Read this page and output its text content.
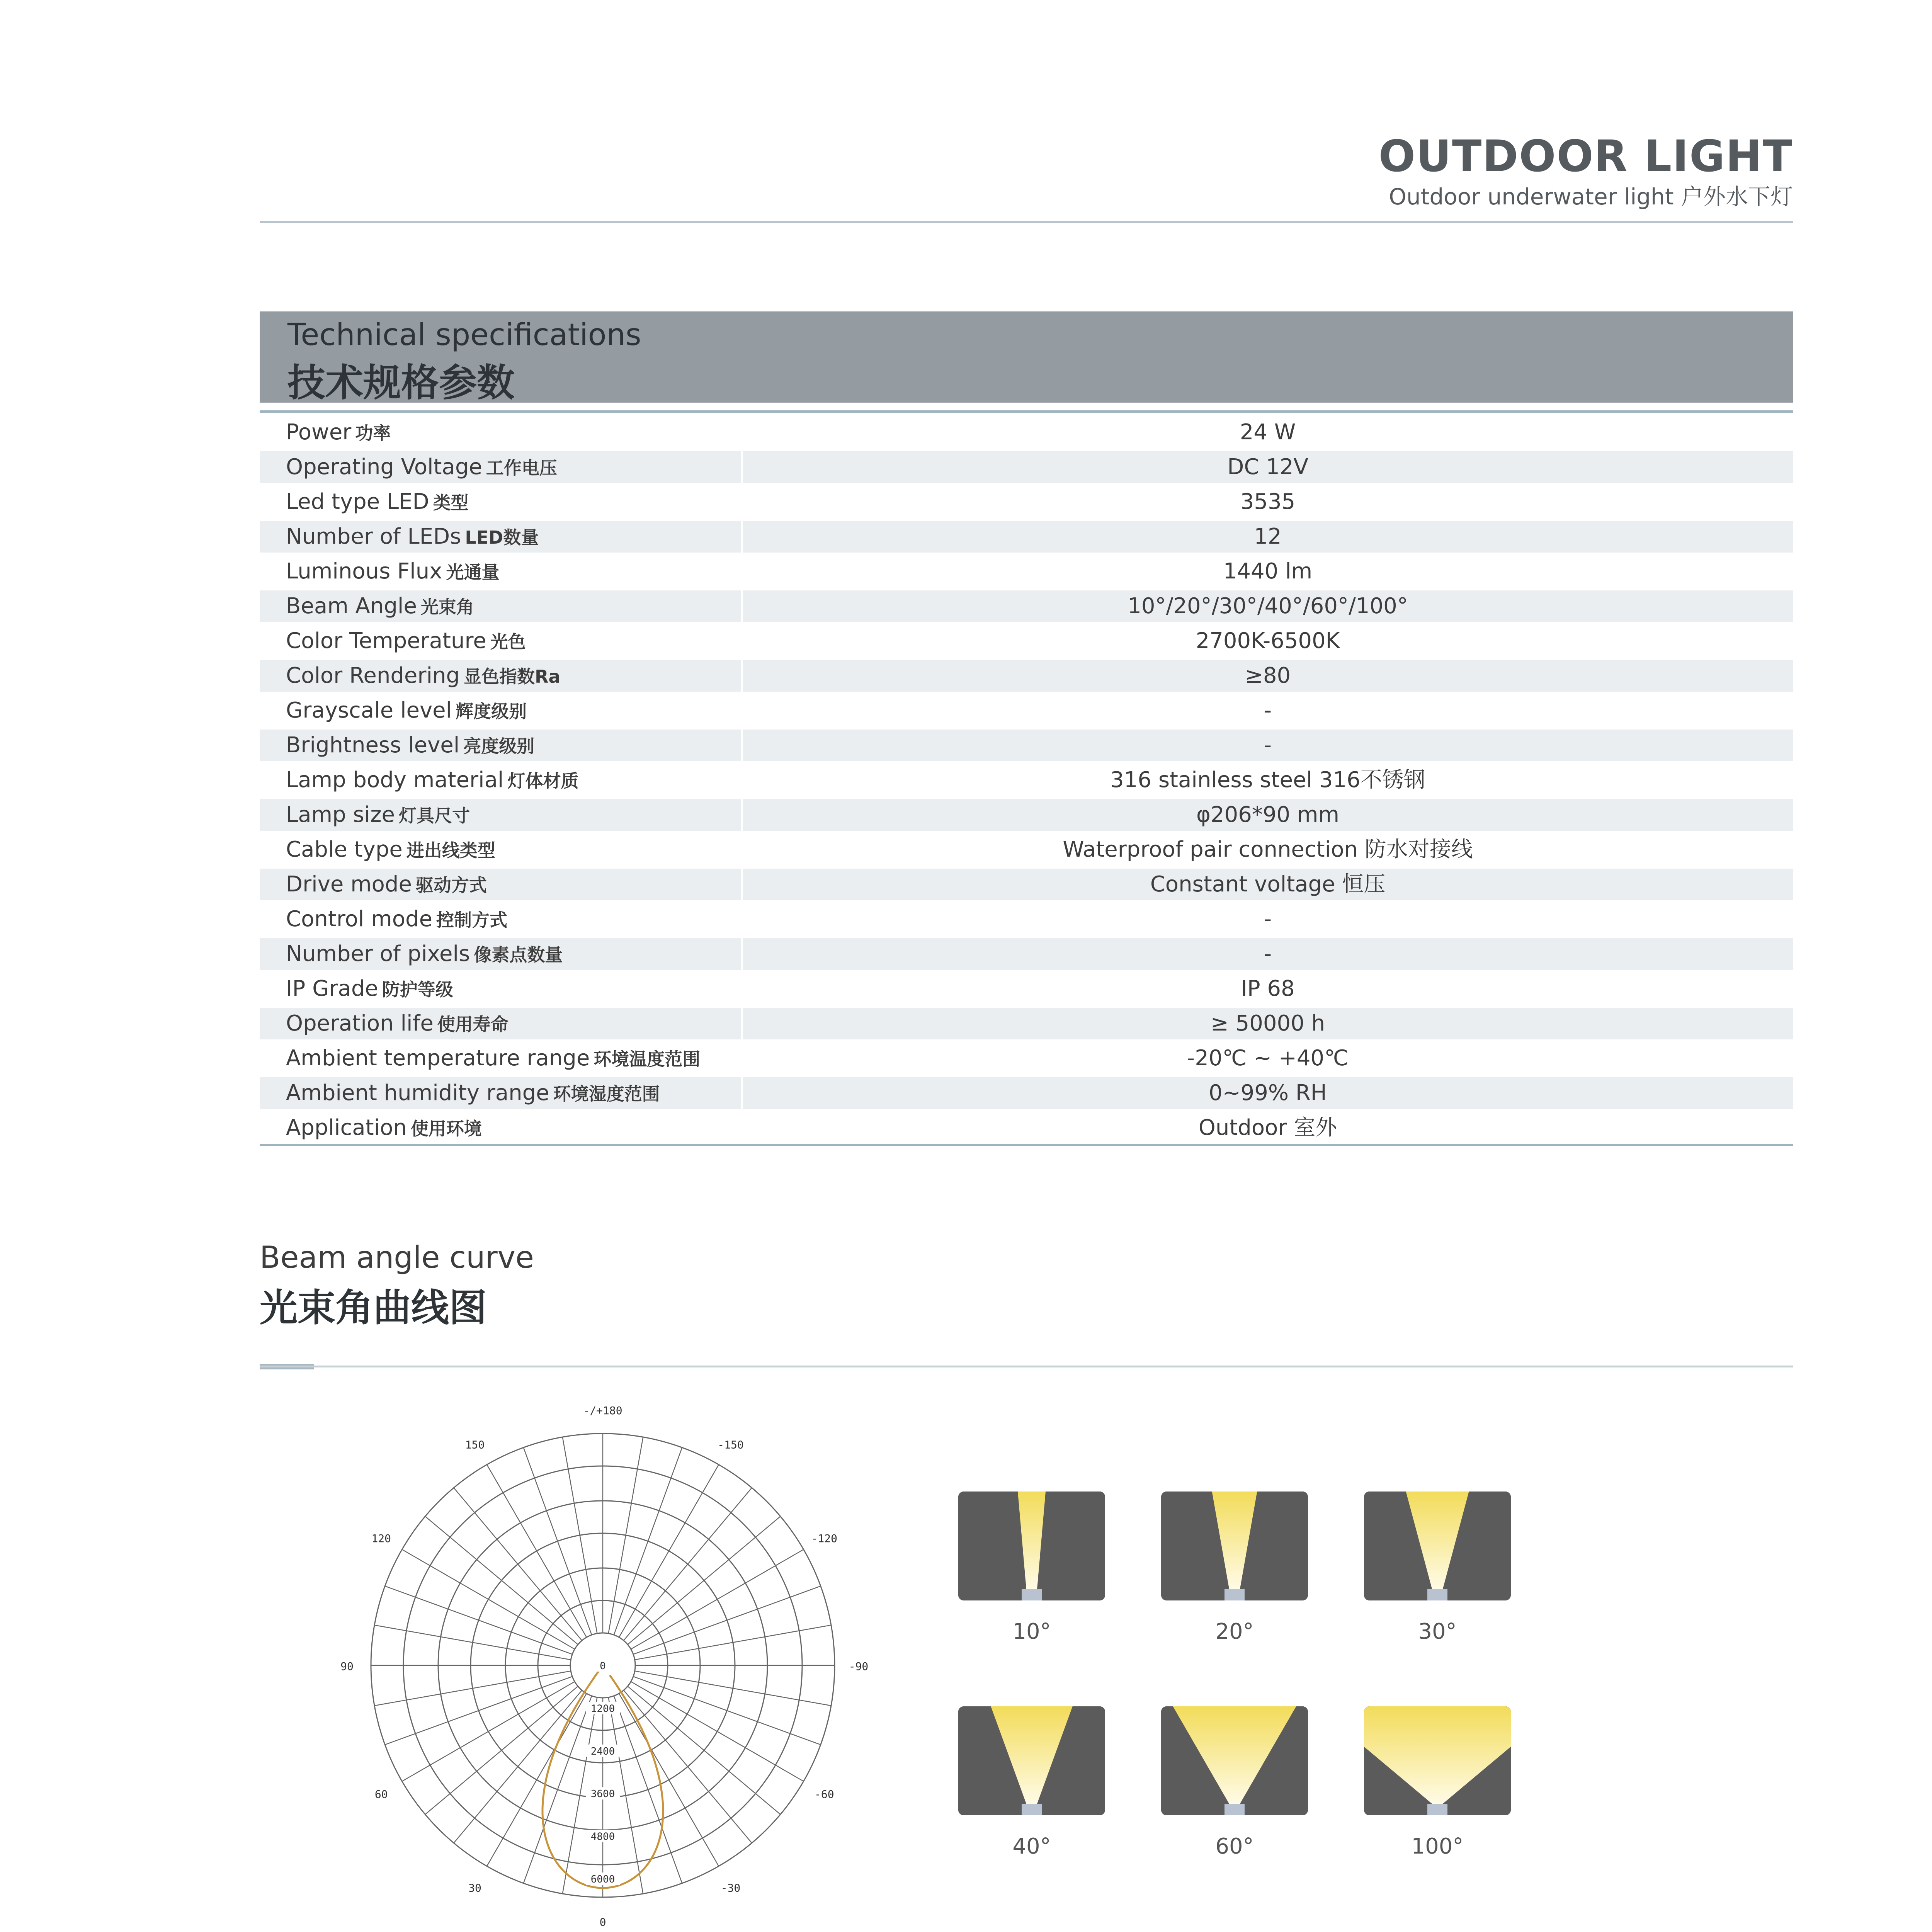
OUTDOOR LIGHT
Outdoor underwater light 户外水下灯
Technical specifications
技术规格参数
Power 功率	24 W
Operating Voltage 工作电压	DC 12V
Led type LED 类型	3535
Number of LEDs LED数量	12
Luminous Flux 光通量	1440 lm
Beam Angle 光束角	10°/20°/30°/40°/60°/100°
Color Temperature 光色	2700K-6500K
Color Rendering 显色指数Ra	≥80
Grayscale level 辉度级别	-
Brightness level 亮度级别	-
Lamp body material 灯体材质	316 stainless steel 316不锈钢
Lamp size 灯具尺寸	φ206*90 mm
Cable type 进出线类型	Waterproof pair connection 防水对接线
Drive mode 驱动方式	Constant voltage 恒压
Control mode 控制方式	-
Number of pixels 像素点数量	-
IP Grade 防护等级	IP 68
Operation life 使用寿命	≥ 50000 h
Ambient temperature range 环境温度范围	-20℃ ~ +40℃
Ambient humidity range 环境湿度范围	0~99% RH
Application 使用环境	Outdoor 室外
Beam angle curve
光束角曲线图
-/+180
-150
150
-120
120
-90
90
-60
60
-30
30
0
0
1200
2400
3600
4800
6000
10°	20°	30°
40°	60°	100°
